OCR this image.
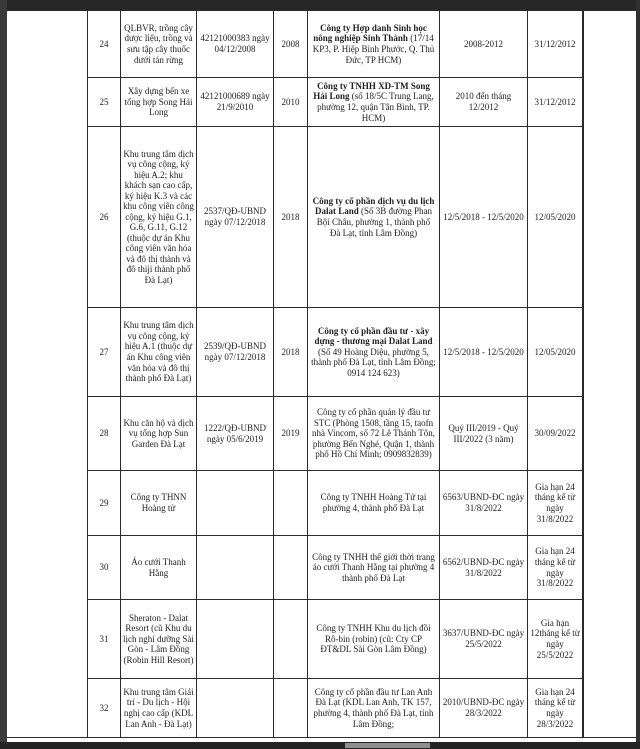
24
QLBVR, trồng cây dược liệu, trồng và sưu tập cây thuốc dưới tán rừng
42121000383 ngày 04/12/2008
2008
Công ty Hợp danh Sinh học nông nghiệp Sinh Thành (17/14 KP3, P. Hiệp Bình Phước, Q. Thủ Đức, TP HCM)
2008-2012	31/12/2012
25
Xây dựng bến xe tổng hợp Song Hải Long
42121000689 ngày 21/9/2010
2010
Công ty TNHH XD-TM Song Hải Long (số 18/5C Trung Lang, phường 12, quận Tân Bình, TP. HCM)
2010 đến tháng 12/2012
31/12/2012
26
Khu trung tâm dịch vụ công cộng, ký hiệu A.2; khu khách sạn cao cấp, ký hiệu K.3 và các khu công viên công cộng, ký hiệu G.1, G.6, G.11, G.12 (thuộc dự án Khu công viên văn hóa và đô thị thành và đô thiji thành phố Đà Lạt)
2537/QĐ-UBND ngày 07/12/2018
2018
Công ty cổ phần dịch vụ du lịch Dalat Land (Số 3B đường Phan Bội Châu, phường 1, thành phố Đà Lạt, tỉnh Lâm Đồng)
12/5/2018 - 12/5/2020 12/05/2020
27
Khu trung tâm dịch vụ công cộng, ký hiệu A.1 (thuộc dự án Khu công viên văn hóa và đô thị thành phố Đà Lạt)
2539/QĐ-UBND ngày 07/12/2018
2018
Công ty cổ phần đầu tư - xây dựng - thương mại Dalat Land (Số 49 Hoàng Diệu, phường 5, thành phố Đà Lạt, tỉnh Lâm Đồng; 0914 124 623)
12/5/2018 - 12/5/2020 12/05/2020
28
Khu căn hộ và dịch vụ tổng hợp Sun Garden Đà Lạt
1222/QĐ-UBND ngày 05/6/2019
2019
Công ty cổ phần quản lý đầu tư STC (Phòng 1508, tầng 15, taofn nhà Vincom, số 72 Lê Thánh Tôn, phường Bến Nghé, Quận 1, thành phố Hồ Chí Minh; 0909832839)
Quý III/2019 - Quý III/2022 (3 năm)
30/09/2022
29
Công ty THNN Hoàng tử
Công ty TNHH Hoàng Tử tại phường 4, thành phố Đà Lạt
6563/UBND-ĐC ngày 31/8/2022
Gia hạn 24 tháng kể từ ngày 31/8/2022
30
Áo cưới Thanh Hằng
Công ty TNHH thế giới thời trang áo cưới Thanh Hằng tại phường 4 thành phố Đà Lạt
6562/UBND-ĐC ngày 31/8/2022
Gia hạn 24 tháng kể từ ngày 31/8/2022
31
Sheraton - Dalat Resort (cũ Khu du lịch nghỉ dưỡng Sài Gòn - Lâm Đồng (Robin Hill Resort)
Công ty TNHH Khu du lịch đồi Rô-bin (robin) (cũ: Cty CP ĐT&DL Sài Gòn Lâm Đồng)
3637/UBND-ĐC ngày 25/5/2022
Gia hạn 12tháng kể từ ngày 25/5/2022
32
Khu trung tâm Giải trí - Du lịch - Hội nghị cao cấp (KDL Lan Anh - Đà Lạt)
Công ty cổ phần đầu tư Lan Anh Đà Lạt (KDL Lan Anh, TK 157, phường 4, thành phố Đà Lạt, tỉnh Lâm Đồng;
2010/UBND-ĐC ngày 28/3/2022
Gia hạn 24 tháng kể từ ngày 28/3/2022
